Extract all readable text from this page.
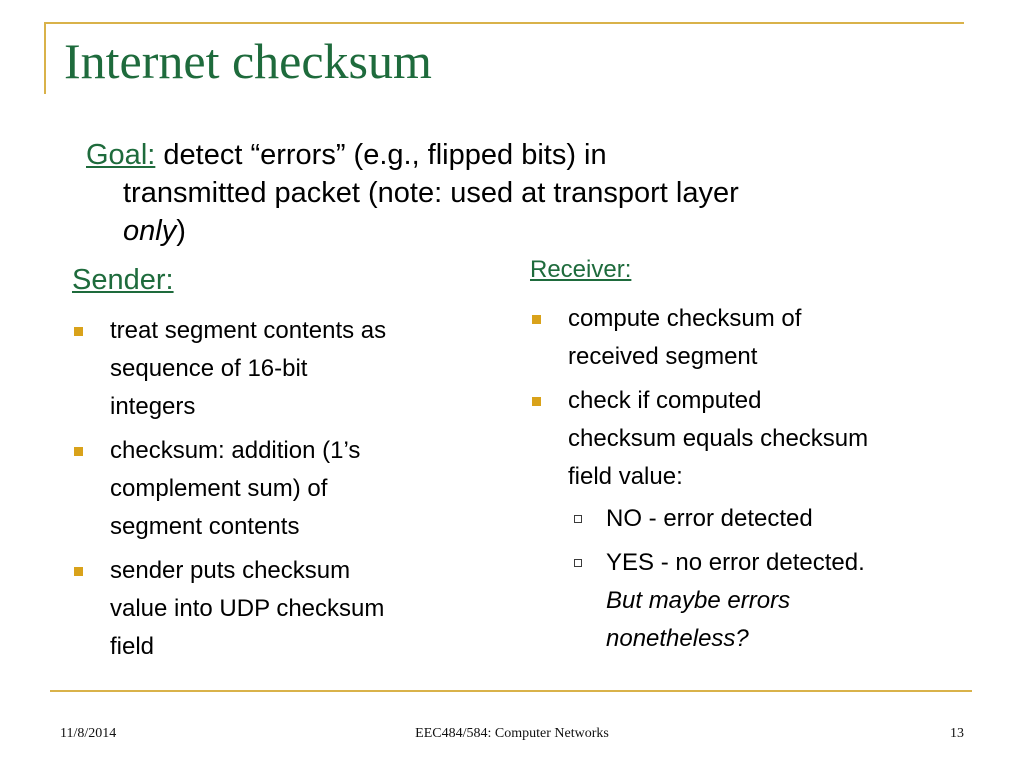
Internet checksum
Goal: detect “errors” (e.g., flipped bits) in
transmitted packet (note: used at transport layer
only)
Sender:
treat segment contents as
sequence of 16-bit
integers
checksum: addition (1’s
complement sum) of
segment contents
sender puts checksum
value into UDP checksum
field
Receiver:
compute checksum of
received segment
check if computed
checksum equals checksum
field value:
NO - error detected
YES - no error detected.
But maybe errors
nonetheless?
11/8/2014	EEC484/584: Computer Networks	13
